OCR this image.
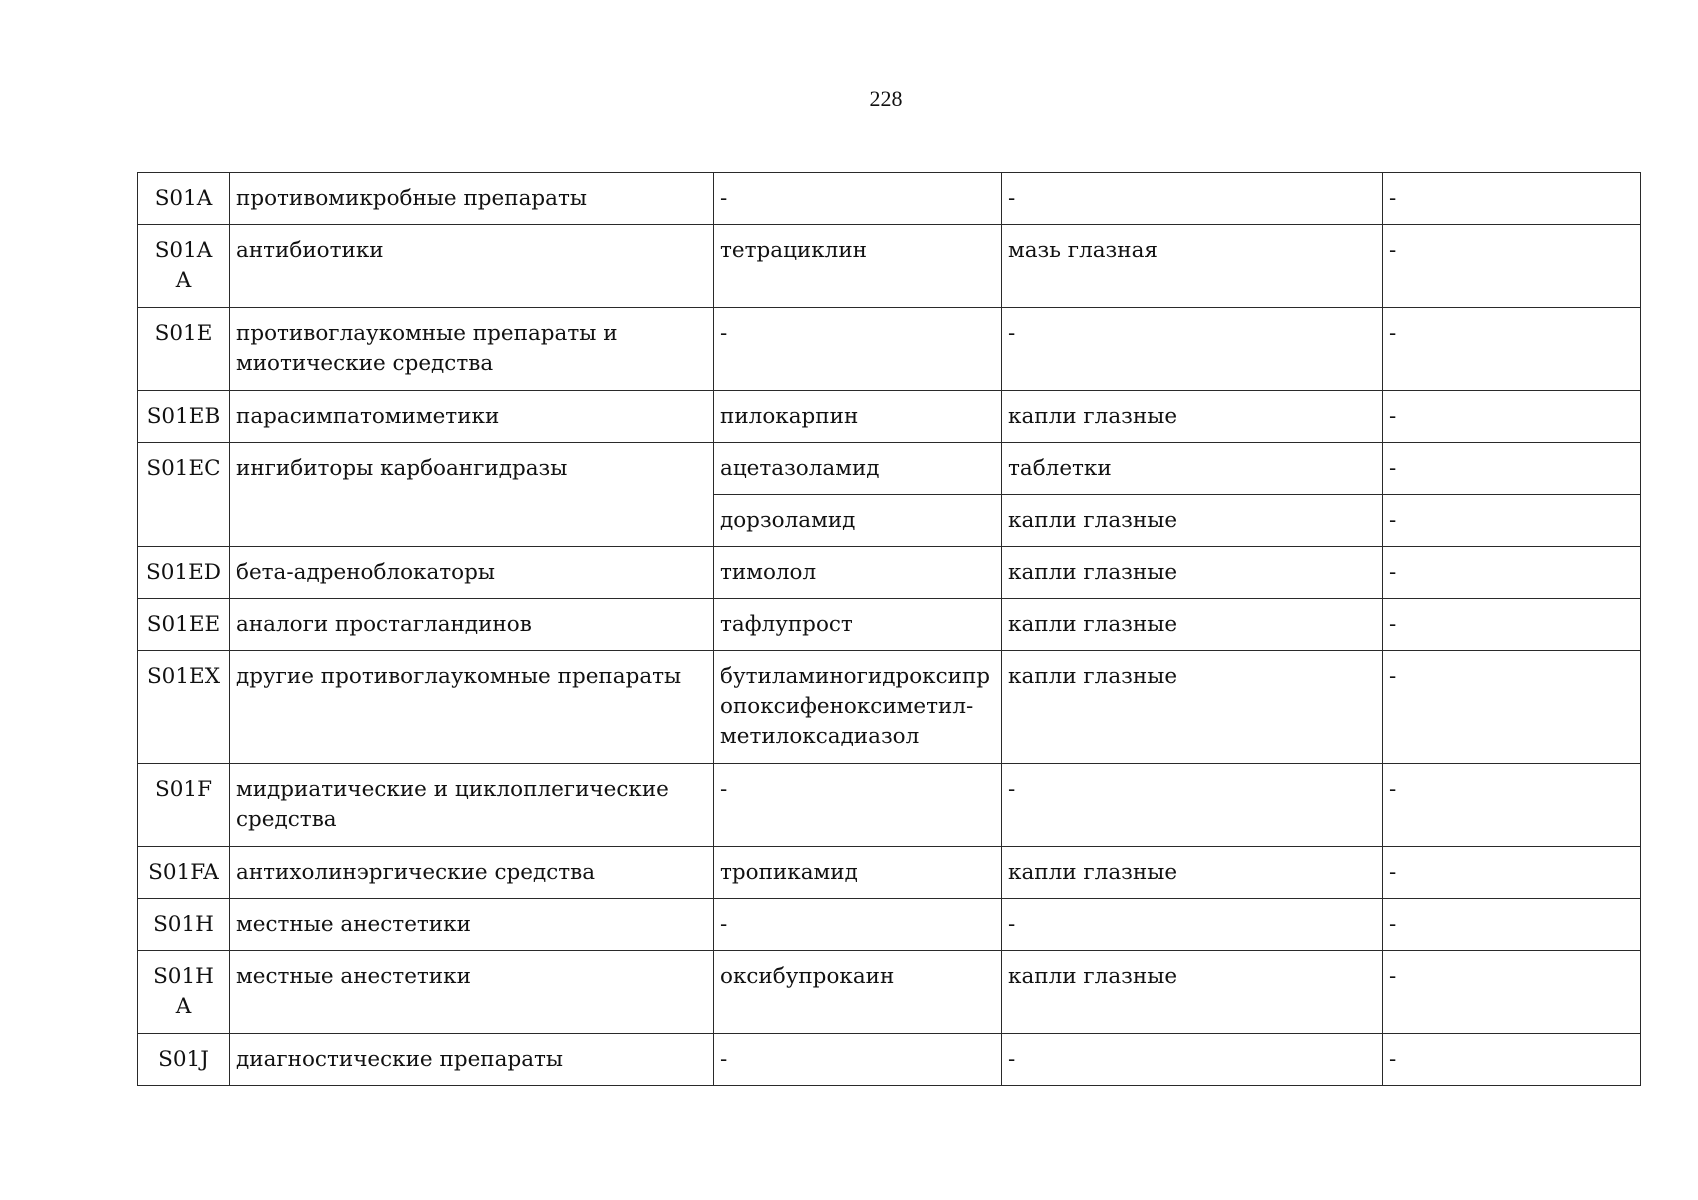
228
S01A	противомикробные препараты	-	-	-
S01A A	антибиотики	тетрациклин	мазь глазная	-
S01E	противоглаукомные препараты и миотические средства	-	-	-
S01EB	парасимпатомиметики	пилокарпин	капли глазные	-
S01EC	ингибиторы карбоангидразы	ацетазоламид	таблетки	-
		дорзоламид	капли глазные	-
S01ED	бета-адреноблокаторы	тимолол	капли глазные	-
S01EE	аналоги простагландинов	тафлупрост	капли глазные	-
S01EX	другие противоглаукомные препараты	бутиламиногидроксипр опоксифеноксиметил-метилоксадиазол	капли глазные	-
S01F	мидриатические и циклоплегические средства	-	-	-
S01FA	антихолинэргические средства	тропикамид	капли глазные	-
S01H	местные анестетики	-	-	-
S01H A	местные анестетики	оксибупрокаин	капли глазные	-
S01J	диагностические препараты	-	-	-
